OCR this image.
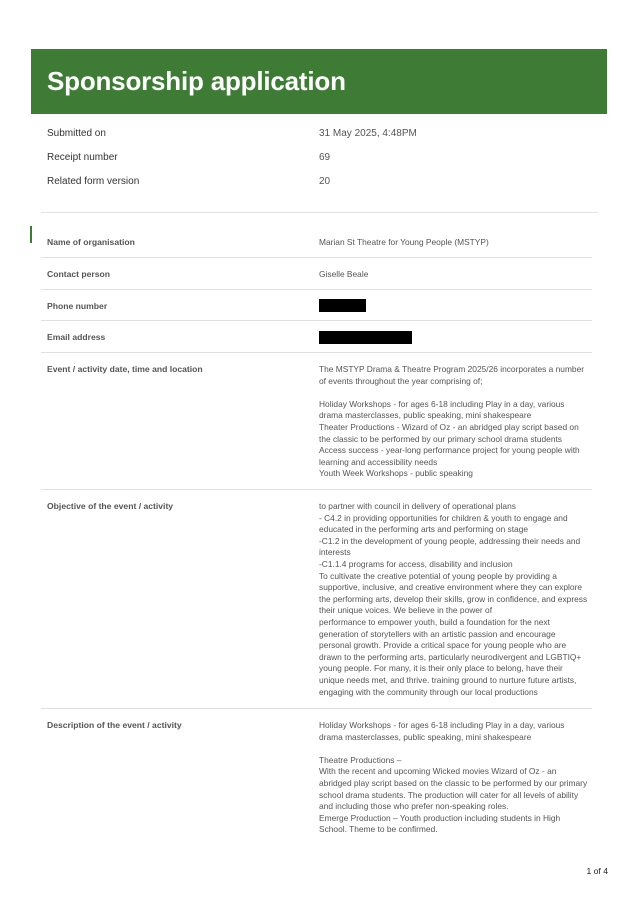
Sponsorship application
Submitted on	31 May 2025, 4:48PM
Receipt number	69
Related form version	20
Name of organisation	Marian St Theatre for Young People (MSTYP)
Contact person	Giselle Beale
Phone number
Email address
Event / activity date, time and location	The MSTYP Drama & Theatre Program 2025/26 incorporates a number

of events throughout the year comprising of;

Holiday Workshops - for ages 6-18 including Play in a day, various

drama masterclasses, public speaking, mini shakespeare

Theater Productions - Wizard of Oz - an abridged play script based on

the classic to be performed by our primary school drama students

Access success - year-long performance project for young people with

learning and accessibility needs

Youth Week Workshops - public speaking

Objective of the event / activity	to partner with council in delivery of operational plans

- C4.2 in providing opportunities for children & youth to engage and

educated in the performing arts and performing on stage

-C1.2 in the development of young people, addressing their needs and

interests

-C1.1.4 programs for access, disability and inclusion

To cultivate the creative potential of young people by providing a

supportive, inclusive, and creative environment where they can explore

the performing arts, develop their skills, grow in confidence, and express

their unique voices. We believe in the power of

performance to empower youth, build a foundation for the next

generation of storytellers with an artistic passion and encourage

personal growth. Provide a critical space for young people who are

drawn to the performing arts, particularly neurodivergent and LGBTIQ+

young people. For many, it is their only place to belong, have their

unique needs met, and thrive. training ground to nurture future artists,

engaging with the community through our local productions

Description of the event / activity	Holiday Workshops - for ages 6-18 including Play in a day, various

drama masterclasses, public speaking, mini shakespeare

Theatre Productions –

With the recent and upcoming Wicked movies Wizard of Oz - an

abridged play script based on the classic to be performed by our primary

school drama students. The production will cater for all levels of ability

and including those who prefer non-speaking roles.

Emerge Production – Youth production including students in High

School. Theme to be confirmed.

1 of 4
